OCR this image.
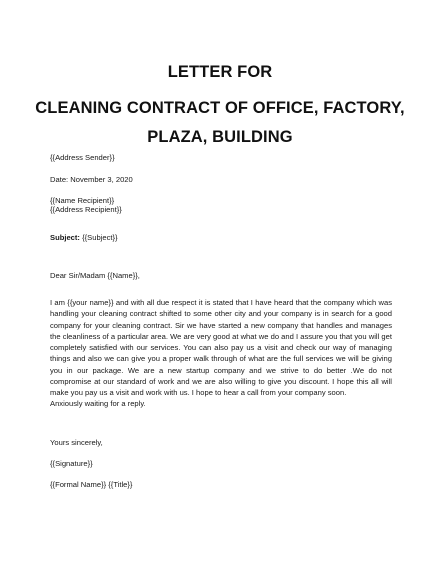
LETTER FOR
CLEANING CONTRACT OF OFFICE, FACTORY,
PLAZA, BUILDING
{{Address Sender}}
Date: November 3, 2020
{{Name Recipient}}
{{Address Recipient}}
Subject: {{Subject}}
Dear Sir/Madam {{Name}},
I am {{your name}} and with all due respect it is stated that I have heard that the company which was handling your cleaning contract shifted to some other city and your company is in search for a good company for your cleaning contract. Sir we have started a new company that handles and manages the cleanliness of a particular area. We are very good at what we do and I assure you that you will get completely satisfied with our services. You can also pay us a visit and check our way of managing things and also we can give you a proper walk through of what are the full services we will be giving you in our package. We are a new startup company and we strive to do better .We do not compromise at our standard of work and we are also willing to give you discount. I hope this all will make you pay us a visit and work with us. I hope to hear a call from your company soon.
Anxiously waiting for a reply.
Yours sincerely,
{{Signature}}
{{Formal Name}} {{Title}}
